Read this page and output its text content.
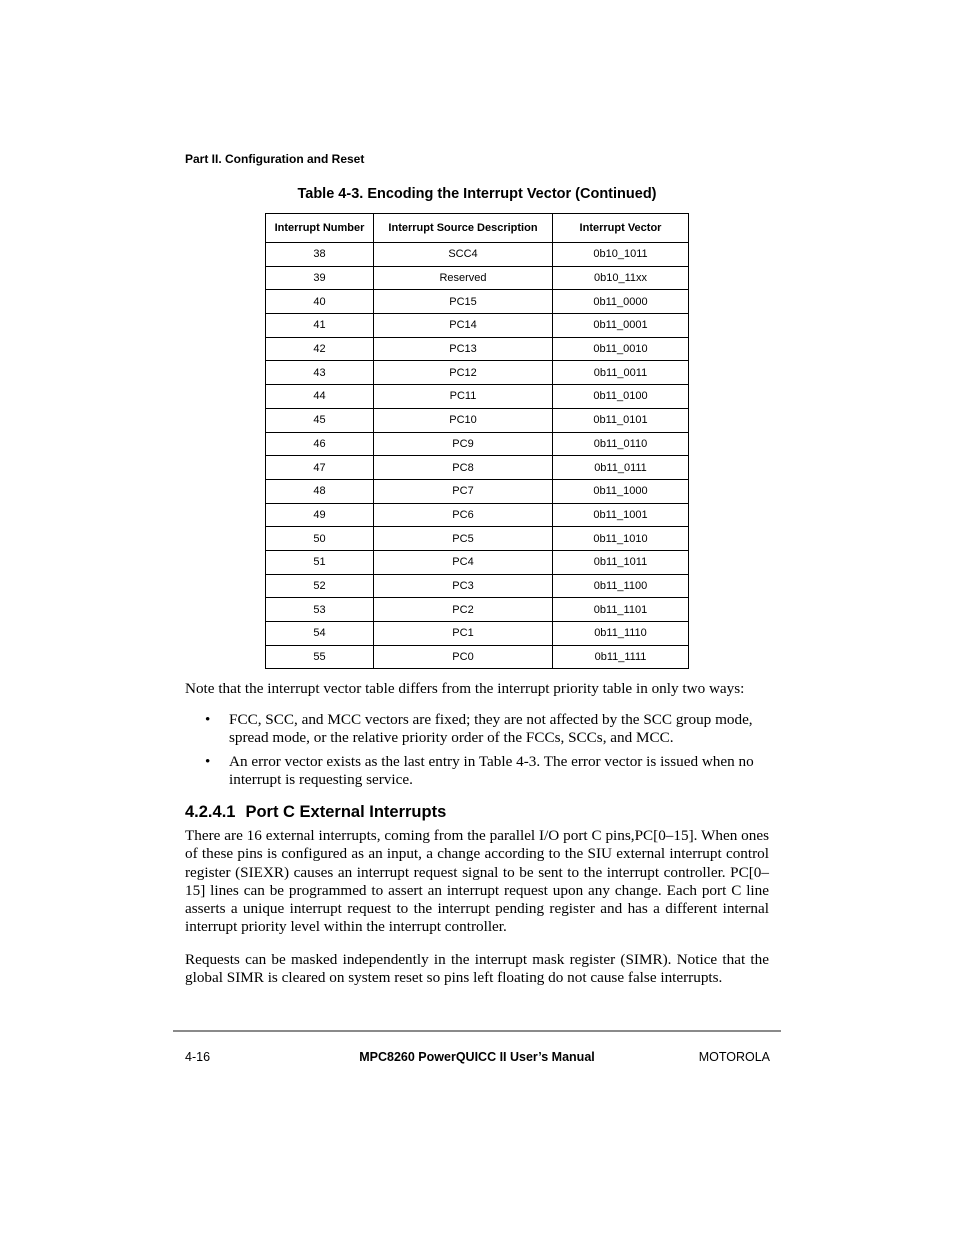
Part II. Configuration and Reset
Table 4-3. Encoding the Interrupt Vector (Continued)
Interrupt Number	Interrupt Source Description	Interrupt Vector
38	SCC4	0b10_1011
39	Reserved	0b10_11xx
40	PC15	0b11_0000
41	PC14	0b11_0001
42	PC13	0b11_0010
43	PC12	0b11_0011
44	PC11	0b11_0100
45	PC10	0b11_0101
46	PC9	0b11_0110
47	PC8	0b11_0111
48	PC7	0b11_1000
49	PC6	0b11_1001
50	PC5	0b11_1010
51	PC4	0b11_1011
52	PC3	0b11_1100
53	PC2	0b11_1101
54	PC1	0b11_1110
55	PC0	0b11_1111
Note that the interrupt vector table differs from the interrupt priority table in only two ways:
• FCC, SCC, and MCC vectors are fixed; they are not affected by the SCC group mode, spread mode, or the relative priority order of the FCCs, SCCs, and MCC.
• An error vector exists as the last entry in Table 4-3. The error vector is issued when no interrupt is requesting service.
4.2.4.1 Port C External Interrupts
There are 16 external interrupts, coming from the parallel I/O port C pins,PC[0–15]. When ones of these pins is configured as an input, a change according to the SIU external interrupt control register (SIEXR) causes an interrupt request signal to be sent to the interrupt controller. PC[0–15] lines can be programmed to assert an interrupt request upon any change. Each port C line asserts a unique interrupt request to the interrupt pending register and has a different internal interrupt priority level within the interrupt controller.
Requests can be masked independently in the interrupt mask register (SIMR). Notice that the global SIMR is cleared on system reset so pins left floating do not cause false interrupts.
4-16	MPC8260 PowerQUICC II User’s Manual	MOTOROLA
